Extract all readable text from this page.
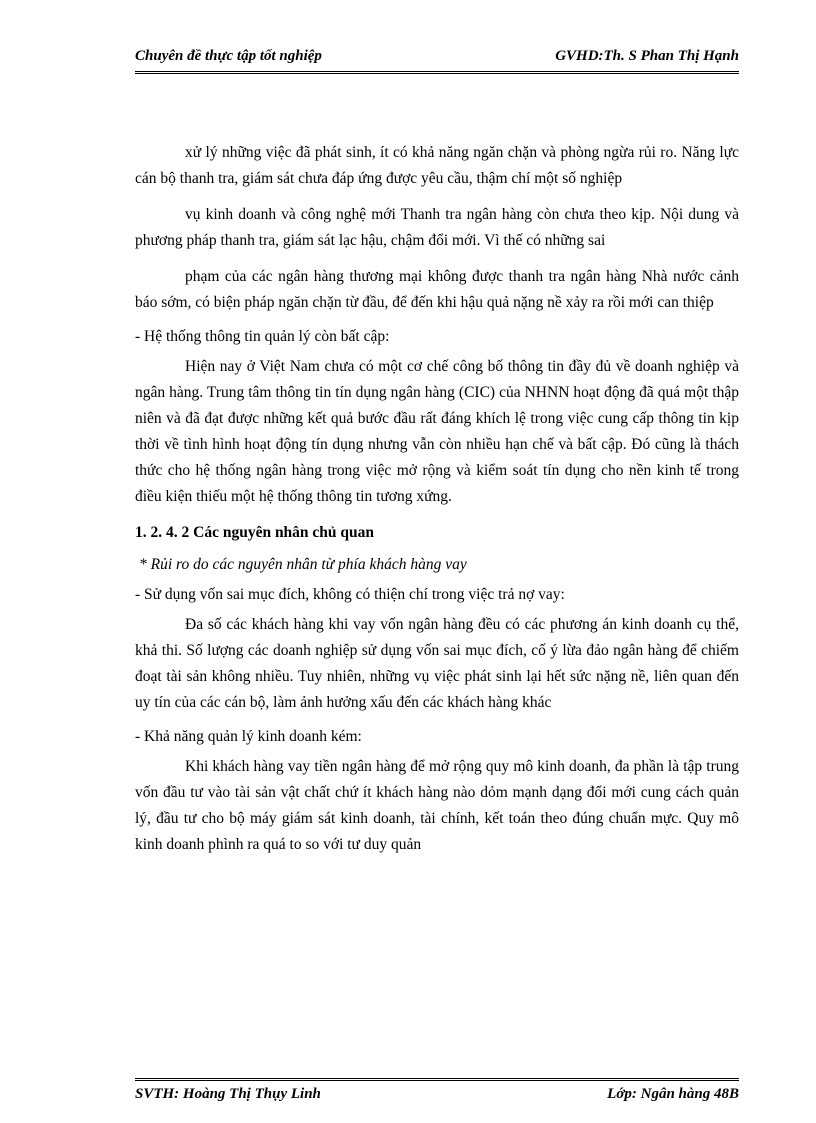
Chuyên đề thực tập tốt nghiệp	GVHD:Th. S Phan Thị Hạnh

xử lý những việc đã phát sinh, ít có khả năng ngăn chặn và phòng ngừa rủi ro. Năng lực cán bộ thanh tra, giám sát chưa đáp ứng được yêu cầu, thậm chí một số nghiệp

vụ kinh doanh và công nghệ mới Thanh tra ngân hàng còn chưa theo kịp. Nội dung và phương pháp thanh tra, giám sát lạc hậu, chậm đổi mới. Vì thế có những sai

phạm của các ngân hàng thương mại không được thanh tra ngân hàng Nhà nước cảnh báo sớm, có biện pháp ngăn chặn từ đầu, để đến khi hậu quả nặng nề xảy ra rồi mới can thiệp

- Hệ thống thông tin quản lý còn bất cập:

Hiện nay ở Việt Nam chưa có một cơ chế công bố thông tin đầy đủ về doanh nghiệp và ngân hàng. Trung tâm thông tin tín dụng ngân hàng (CIC) của NHNN hoạt động đã quá một thập niên và đã đạt được những kết quả bước đầu rất đáng khích lệ trong việc cung cấp thông tin kịp thời về tình hình hoạt động tín dụng nhưng vẫn còn nhiều hạn chế và bất cập. Đó cũng là thách thức cho hệ thống ngân hàng trong việc mở rộng và kiểm soát tín dụng cho nền kinh tế trong điều kiện thiếu một hệ thống thông tin tương xứng.

1. 2. 4. 2 Các nguyên nhân chủ quan

* Rủi ro do các nguyên nhân từ phía khách hàng vay

- Sử dụng vốn sai mục đích, không có thiện chí trong việc trả nợ vay:

Đa số các khách hàng khi vay vốn ngân hàng đều có các phương án kinh doanh cụ thể, khả thi. Số lượng các doanh nghiệp sử dụng vốn sai mục đích, cố ý lừa đảo ngân hàng để chiếm đoạt tài sản không nhiều. Tuy nhiên, những vụ việc phát sinh lại hết sức nặng nề, liên quan đến uy tín của các cán bộ, làm ảnh hưởng xấu đến các khách hàng khác

- Khả năng quản lý kinh doanh kém:

Khi khách hàng vay tiền ngân hàng để mở rộng quy mô kinh doanh, đa phần là tập trung vốn đầu tư vào tài sản vật chất chứ ít khách hàng nào dỏm mạnh dạng đổi mới cung cách quản lý, đầu tư cho bộ máy giám sát kinh doanh, tài chính, kết toán theo đúng chuẩn mực. Quy mô kinh doanh phình ra quá to so với tư duy quản

SVTH: Hoàng Thị Thụy Linh	Lớp: Ngân hàng 48B
